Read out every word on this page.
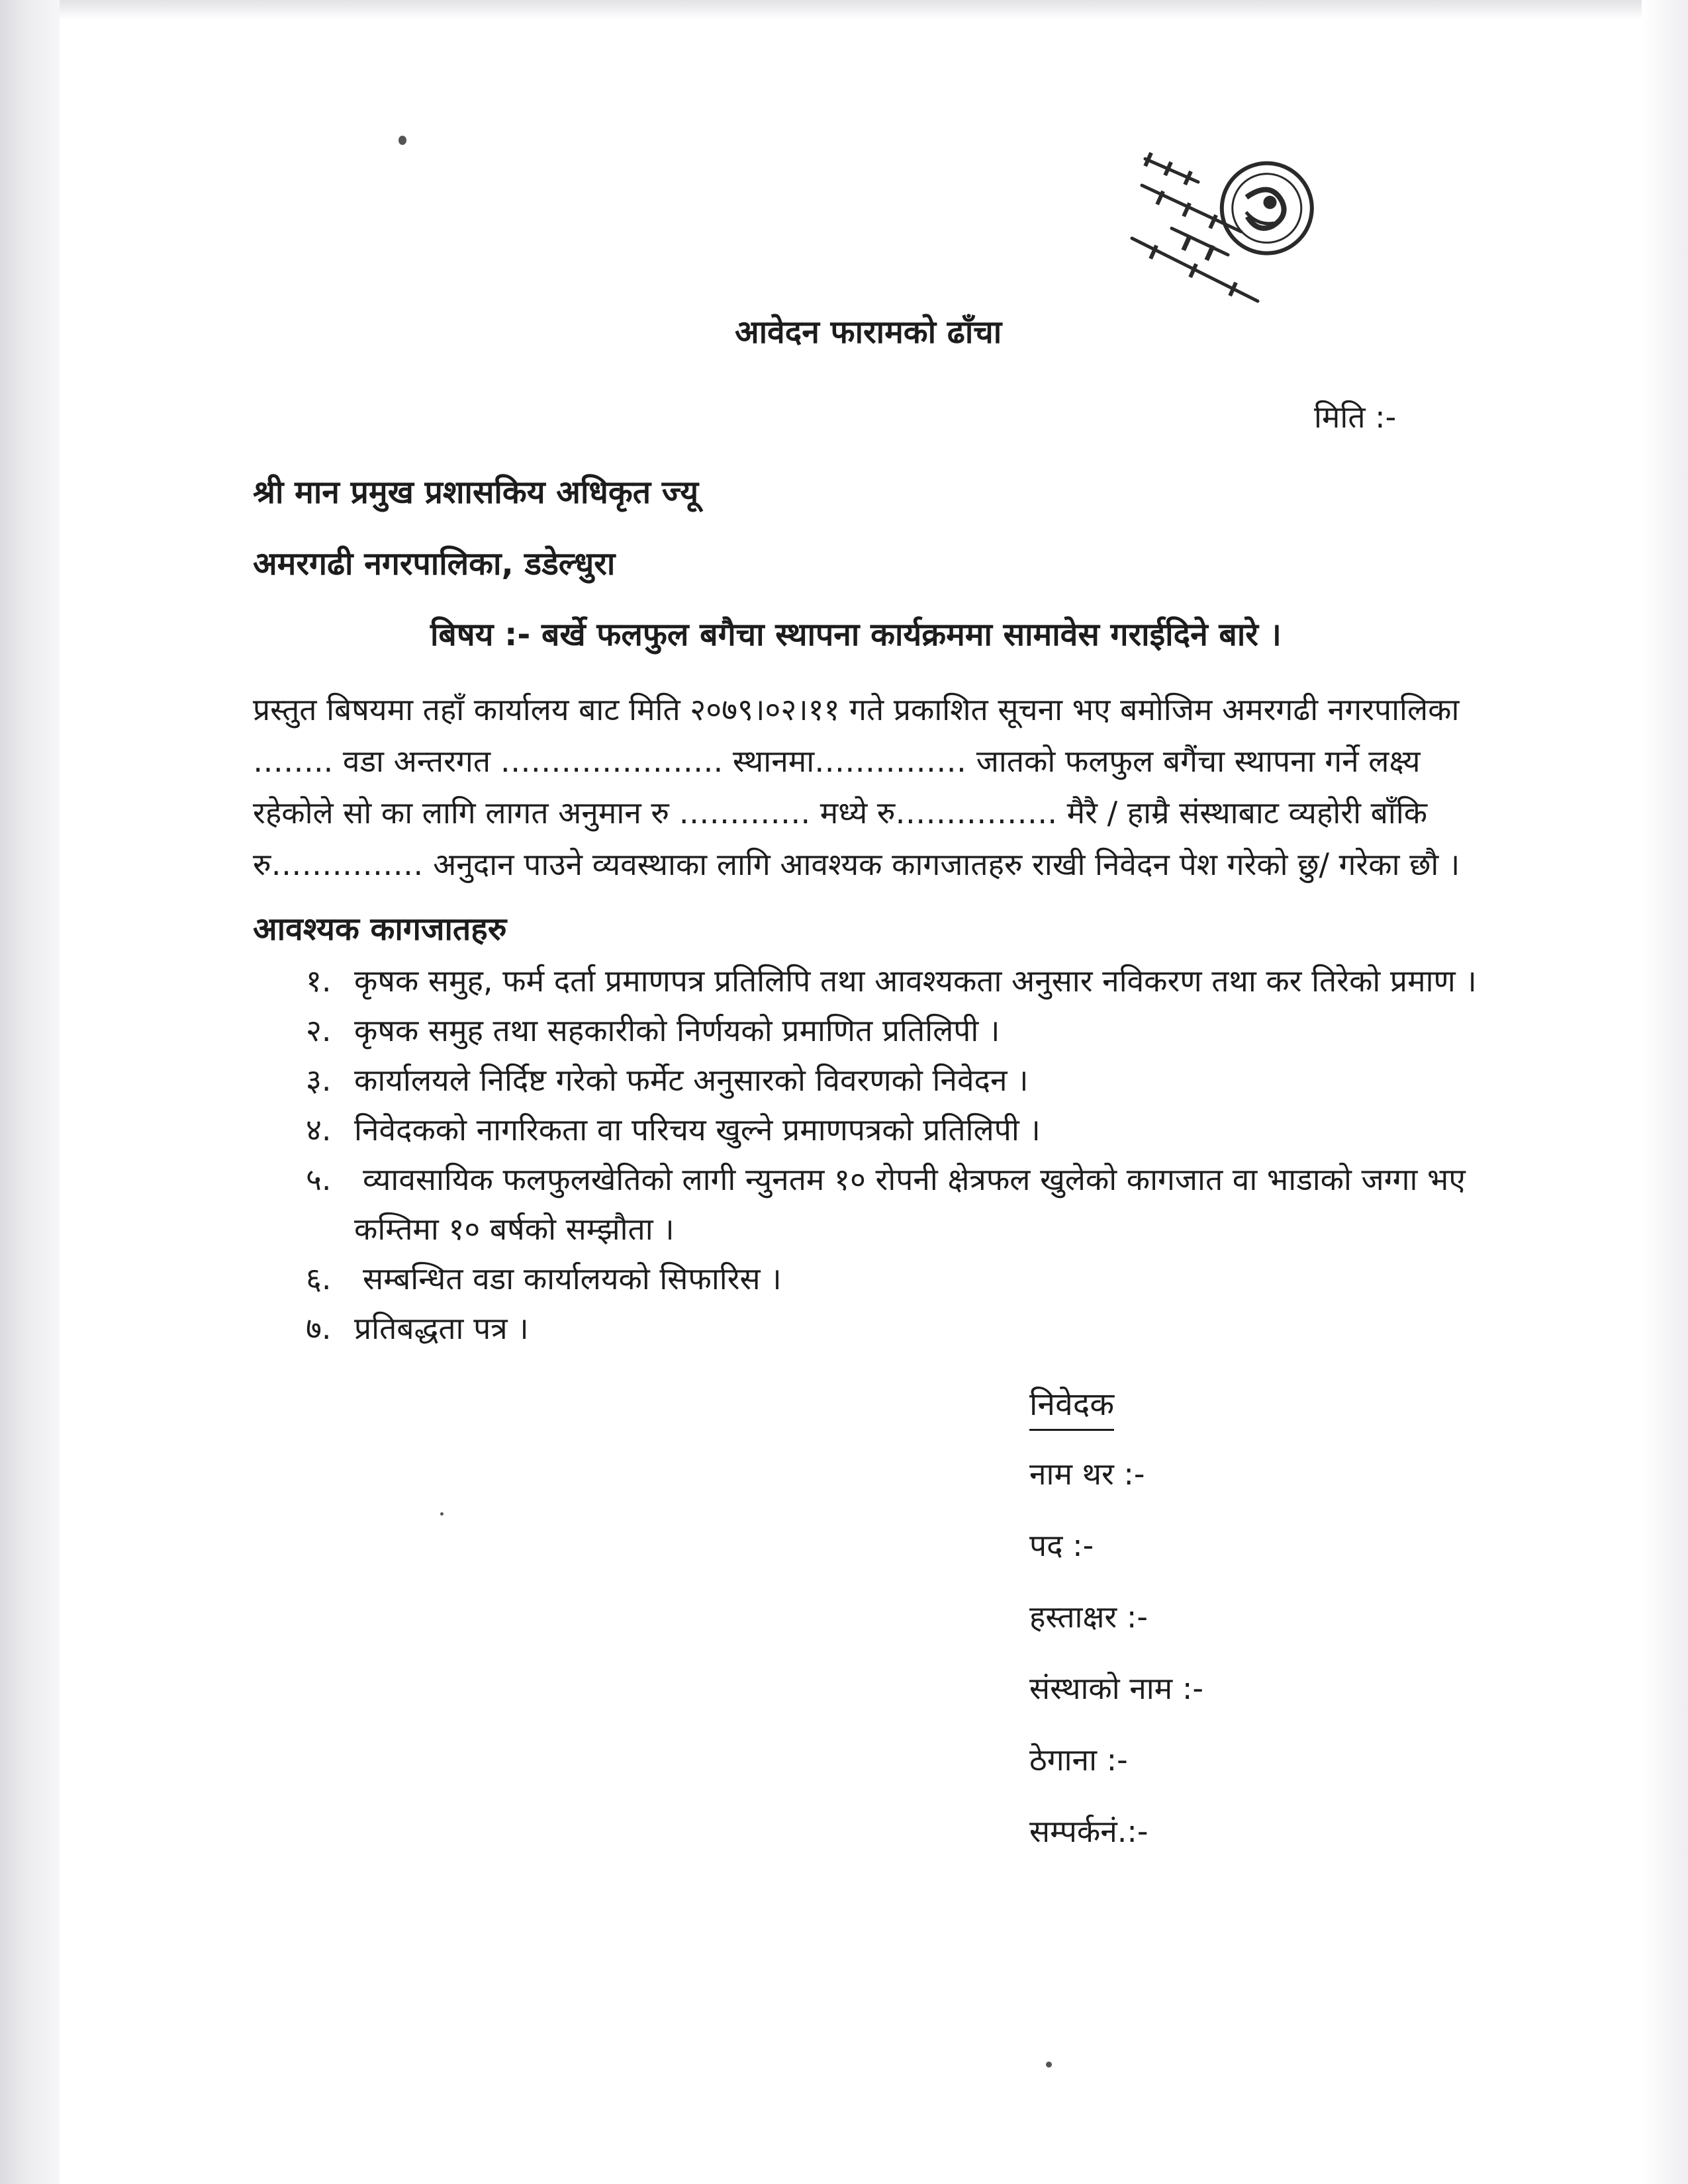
आवेदन फारामको ढाँचा
मिति :-
श्री मान प्रमुख प्रशासकिय अधिकृत ज्यू
अमरगढी नगरपालिका, डडेल्धुरा
बिषय :- बर्खे फलफुल बगैचा स्थापना कार्यक्रममा सामावेस गराईदिने बारे ।
प्रस्तुत बिषयमा तहाँ कार्यालय बाट मिति २०७९।०२।११ गते प्रकाशित सूचना भए बमोजिम अमरगढी नगरपालिका
…….. वडा अन्तरगत …………………. स्थानमा…………… जातको फलफुल बगैंचा स्थापना गर्ने लक्ष्य
रहेकोले सो का लागि लागत अनुमान रु …………. मध्ये रु……………. मैरै / हाम्रै संस्थाबाट व्यहोरी बाँकि
रु…………… अनुदान पाउने व्यवस्थाका लागि आवश्यक कागजातहरु राखी निवेदन पेश गरेको छु/ गरेका छौ ।
आवश्यक कागजातहरु
१. कृषक समुह, फर्म दर्ता प्रमाणपत्र प्रतिलिपि तथा आवश्यकता अनुसार नविकरण तथा कर तिरेको प्रमाण ।
२. कृषक समुह तथा सहकारीको निर्णयको प्रमाणित प्रतिलिपी ।
३. कार्यालयले निर्दिष्ट गरेको फर्मेट अनुसारको विवरणको निवेदन ।
४. निवेदकको नागरिकता वा परिचय खुल्ने प्रमाणपत्रको प्रतिलिपी ।
५. व्यावसायिक फलफुलखेतिको लागी न्युनतम १० रोपनी क्षेत्रफल खुलेको कागजात वा भाडाको जग्गा भए
कम्तिमा १० बर्षको सम्झौता ।
६. सम्बन्धित वडा कार्यालयको सिफारिस ।
७. प्रतिबद्धता पत्र ।
निवेदक
नाम थर :-
पद :-
हस्ताक्षर :-
संस्थाको नाम :-
ठेगाना :-
सम्पर्कनं.:-
